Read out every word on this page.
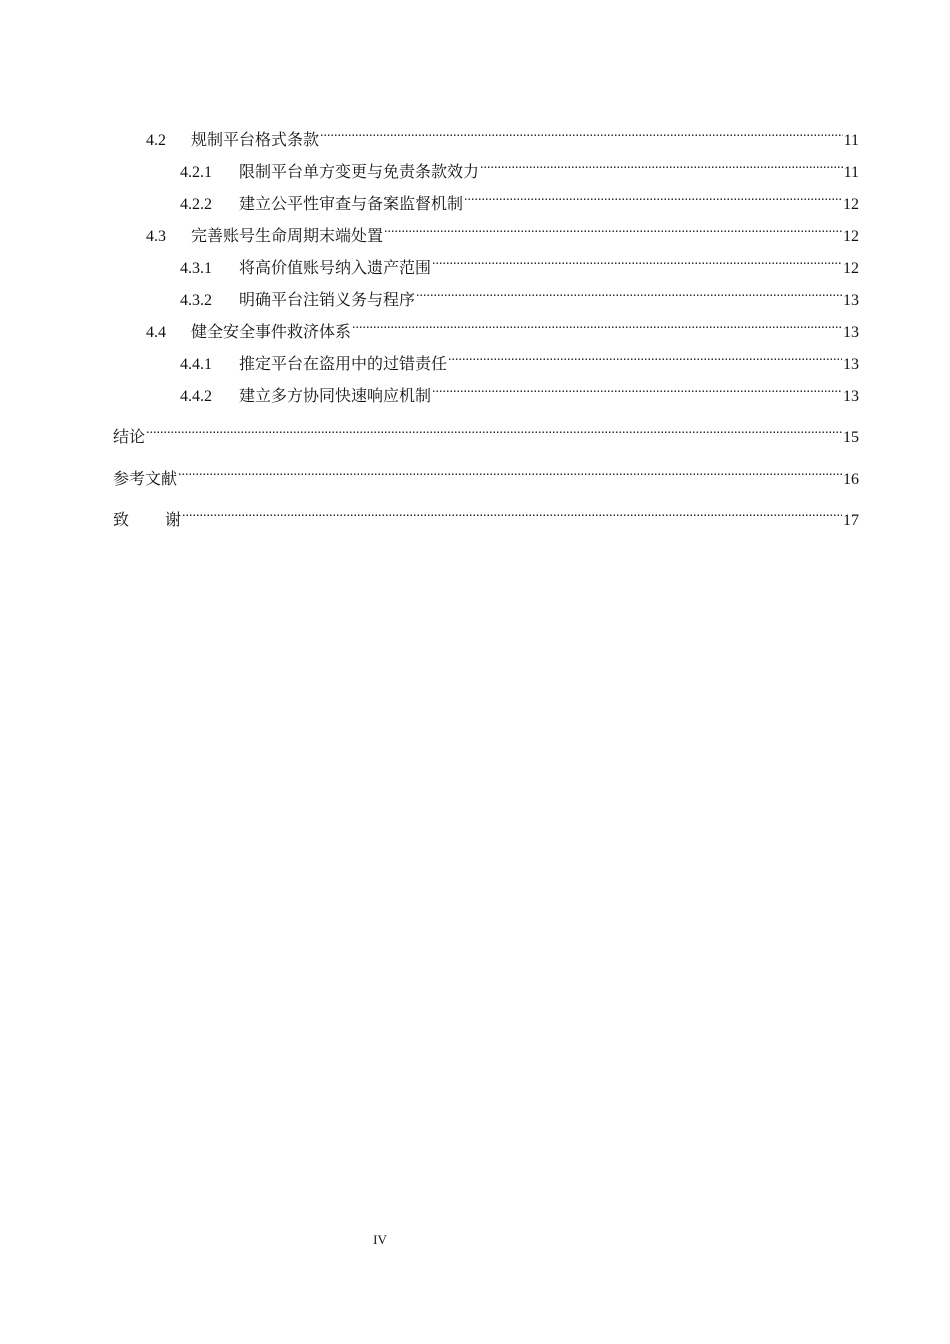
4.2	规制平台格式条款 .....	11
4.2.1	限制平台单方变更与免责条款效力 .....	11
4.2.2	建立公平性审查与备案监督机制 .....	12
4.3	完善账号生命周期末端处置 .....	12
4.3.1	将高价值账号纳入遗产范围 .....	12
4.3.2	明确平台注销义务与程序 .....	13
4.4	健全安全事件救济体系 .....	13
4.4.1	推定平台在盗用中的过错责任 .....	13
4.4.2	建立多方协同快速响应机制 .....	13
结论 .....	15
参考文献 .....	16
致谢 .....	17
IV
